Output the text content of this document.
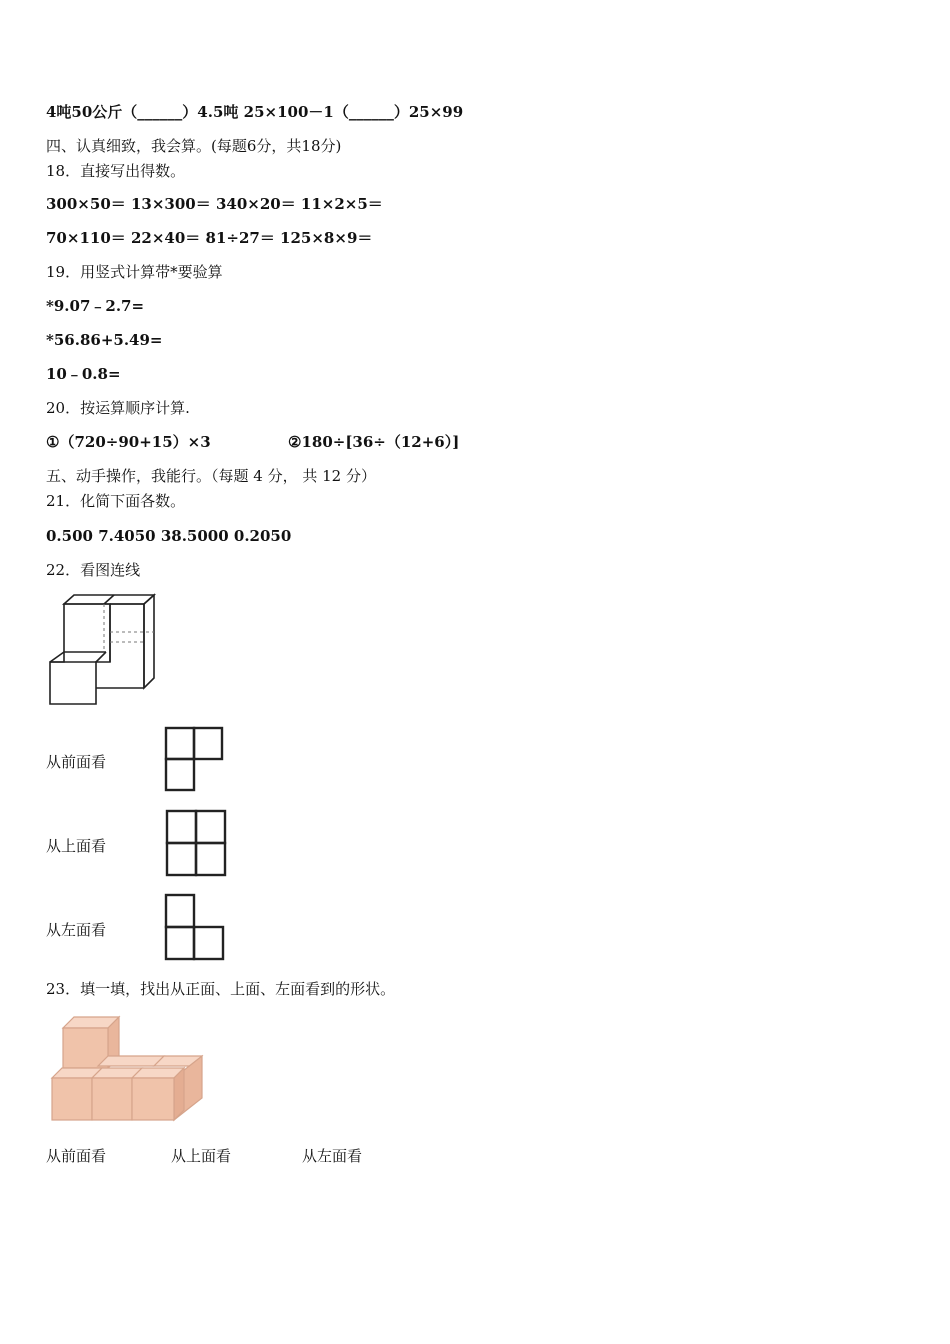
4吨50公斤（______）4.5吨 25×100－1（______）25×99
四、认真细致，我会算。(每题6分，共18分)
18．直接写出得数。
300×50＝ 13×300＝ 340×20＝ 11×2×5＝
70×110＝ 22×40＝ 81÷27＝ 125×8×9＝
19．用竖式计算带*要验算
*9.07﹣2.7=
*56.86+5.49=
10﹣0.8=
20．按运算顺序计算.
①（720÷90+15）×3	②180÷[36÷（12+6）]
五、动手操作，我能行。（每题 4 分， 共 12 分）
21．化简下面各数。
0.500 7.4050 38.5000 0.2050
22．看图连线
从前面看
从上面看
从左面看
23．填一填，找出从正面、上面、左面看到的形状。
从前面看	从上面看	从左面看
